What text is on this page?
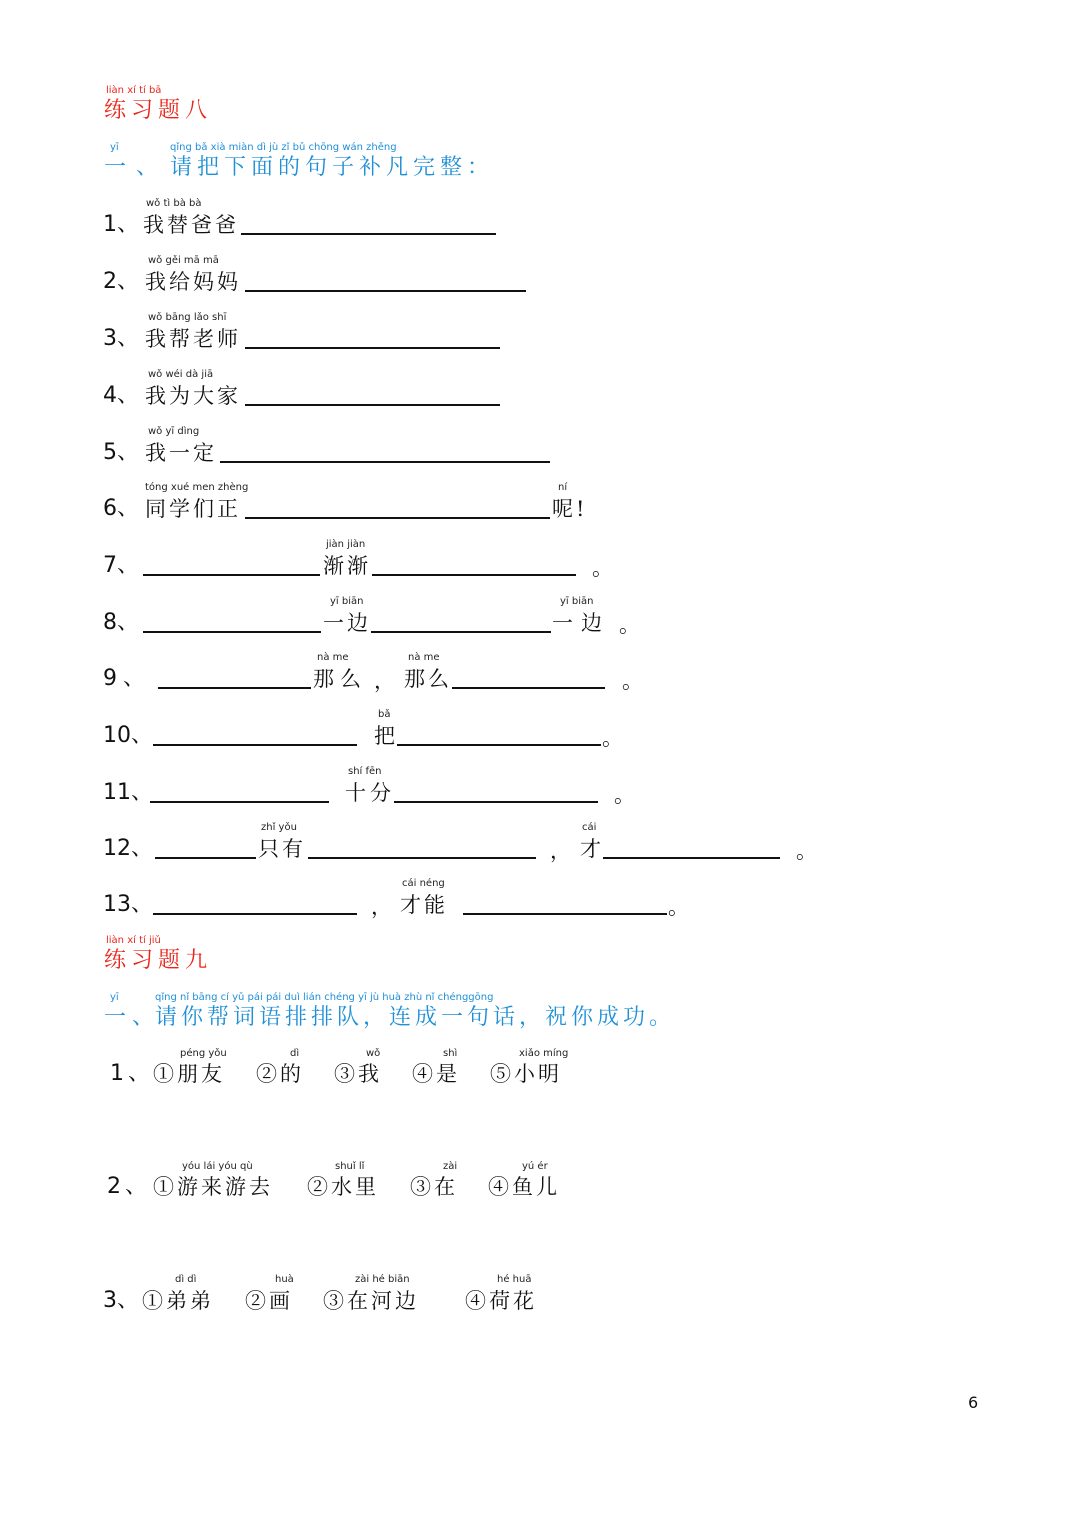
liàn xí tí bā
练习题八
yī
一、
qǐng bǎ xià miàn dì jù zǐ bǔ chōng wán zhěng
请把下面的句子补凡完整：
1、
wǒ tì bà bà
我替爸爸
2、
wǒ gěi mā mā
我给妈妈
3、
wǒ bāng lǎo shī
我帮老师
4、
wǒ wéi dà jiā
我为大家
5、
wǒ yī dìng
我一定
6、
tóng xué men zhèng
同学们正
ní
呢!
7、
jiàn jiàn
渐渐	。
8、
yī biān
一边
yī biān
一边 。
9、
nà me
那么 ，
nà me
那么	。
10、
bǎ
把	。
11、
shí fēn
十分	。
12、
zhǐ yǒu
只有	，
cái
才	。
13、	，
cái néng
才能	。
liàn xí tí jiǔ
练习题九
yī
一、
qǐng nǐ bāng cí yǔ pái pái duì lián chéng yī jù huà zhù nǐ chénggōng
请你帮词语排排队，连成一句话，祝你成功。
1、
péng yǒu
①朋友
dì
②的
wǒ
③我
shì
④是
xiǎo míng
⑤小明
2、
yóu lái yóu qù
①游来游去
shuǐ lǐ
②水里
zài
③在
yú ér
④鱼儿
3、
dì dì
①弟弟
huà
②画
zài hé biān
③在河边
hé huā
④荷花
6
